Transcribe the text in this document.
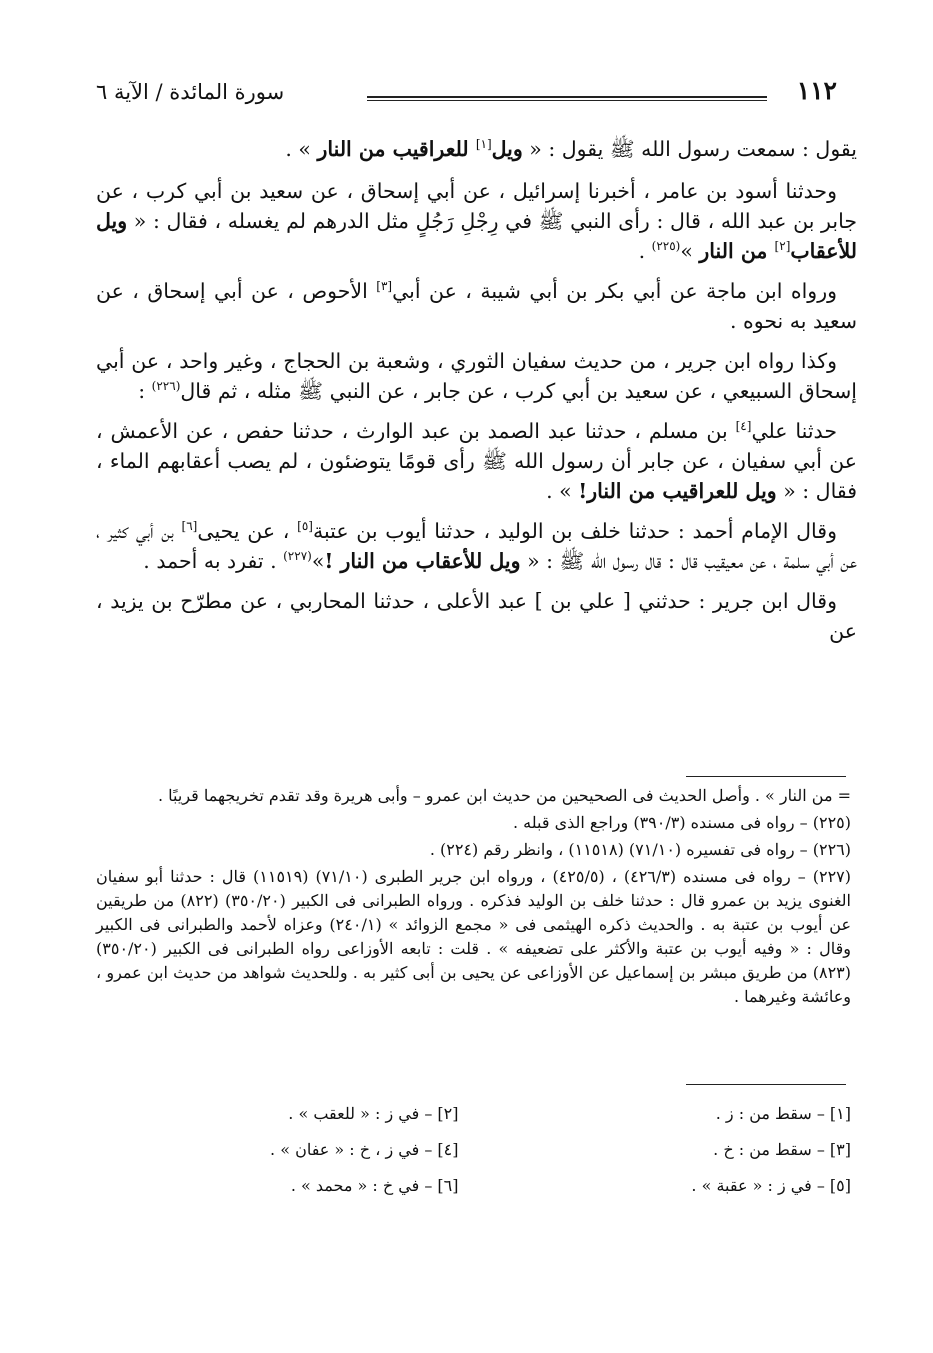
١١٢
سورة المائدة / الآية ٦

يقول : سمعت رسول الله ﷺ يقول : « ويل[١] للعراقيب من النار » .

وحدثنا أسود بن عامر ، أخبرنا إسرائيل ، عن أبي إسحاق ، عن سعيد بن أبي كرب ، عن جابر بن عبد الله ، قال : رأى النبي ﷺ في رِجْلِ رَجُلٍ مثل الدرهم لم يغسله ، فقال : « ويل للأعقاب[٢] من النار »$^{(٢٢٥)}$ .

ورواه ابن ماجة عن أبي بكر بن أبي شيبة ، عن أبي[٣] الأحوص ، عن أبي إسحاق ، عن سعيد به نحوه .

وكذا رواه ابن جرير ، من حديث سفيان الثوري ، وشعبة بن الحجاج ، وغير واحد ، عن أبي إسحاق السبيعي ، عن سعيد بن أبي كرب ، عن جابر ، عن النبي ﷺ مثله ، ثم قال$^{(٢٢٦)}$ :

حدثنا علي[٤] بن مسلم ، حدثنا عبد الصمد بن عبد الوارث ، حدثنا حفص ، عن الأعمش ، عن أبي سفيان ، عن جابر أن رسول الله ﷺ رأى قومًا يتوضئون ، لم يصب أعقابهم الماء ، فقال : « ويل للعراقيب من النار! » .

وقال الإمام أحمد : حدثنا خلف بن الوليد ، حدثنا أيوب بن عتبة[٥] ، عن يحيى[٦] بن أبي كثير ، عن أبي سلمة ، عن معيقيب قال : قال رسول الله ﷺ : « ويل للأعقاب من النار !»$^{(٢٢٧)}$ . تفرد به أحمد .

وقال ابن جرير : حدثني [ علي بن ] عبد الأعلى ، حدثنا المحاربي ، عن مطرّح بن يزيد ، عن

= من النار » . وأصل الحديث فى الصحيحين من حديث ابن عمرو – وأبى هريرة وقد تقدم تخريجهما قريبًا .

(٢٢٥) – رواه فى مسنده (٣٩٠/٣) وراجع الذى قبله .

(٢٢٦) – رواه فى تفسيره (٧١/١٠) (١١٥١٨) ، وانظر رقم (٢٢٤) .

(٢٢٧) – رواه فى مسنده (٤٢٦/٣) ، (٤٢٥/٥) ، ورواه ابن جرير الطبرى (٧١/١٠) (١١٥١٩) قال : حدثنا أبو سفيان الغنوى يزيد بن عمرو قال : حدثنا خلف بن الوليد فذكره . ورواه الطبرانى فى الكبير (٣٥٠/٢٠) (٨٢٢) من طريقين عن أيوب بن عتبة به . والحديث ذكره الهيثمى فى « مجمع الزوائد » (٢٤٠/١) وعزاه لأحمد والطبرانى فى الكبير وقال : « وفيه أيوب بن عتبة والأكثر على تضعيفه » . قلت : تابعه الأوزاعى رواه الطبرانى فى الكبير (٣٥٠/٢٠) (٨٢٣) من طريق مبشر بن إسماعيل عن الأوزاعى عن يحيى بن أبى كثير به . وللحديث شواهد من حديث ابن عمرو ، وعائشة وغيرهما .

[١] – سقط من : ز .
[٢] – في ز : « للعقب » .
[٣] – سقط من : خ .
[٤] – في ز ، خ : « عفان » .
[٥] – في ز : « عقبة » .
[٦] – في خ : « محمد » .
